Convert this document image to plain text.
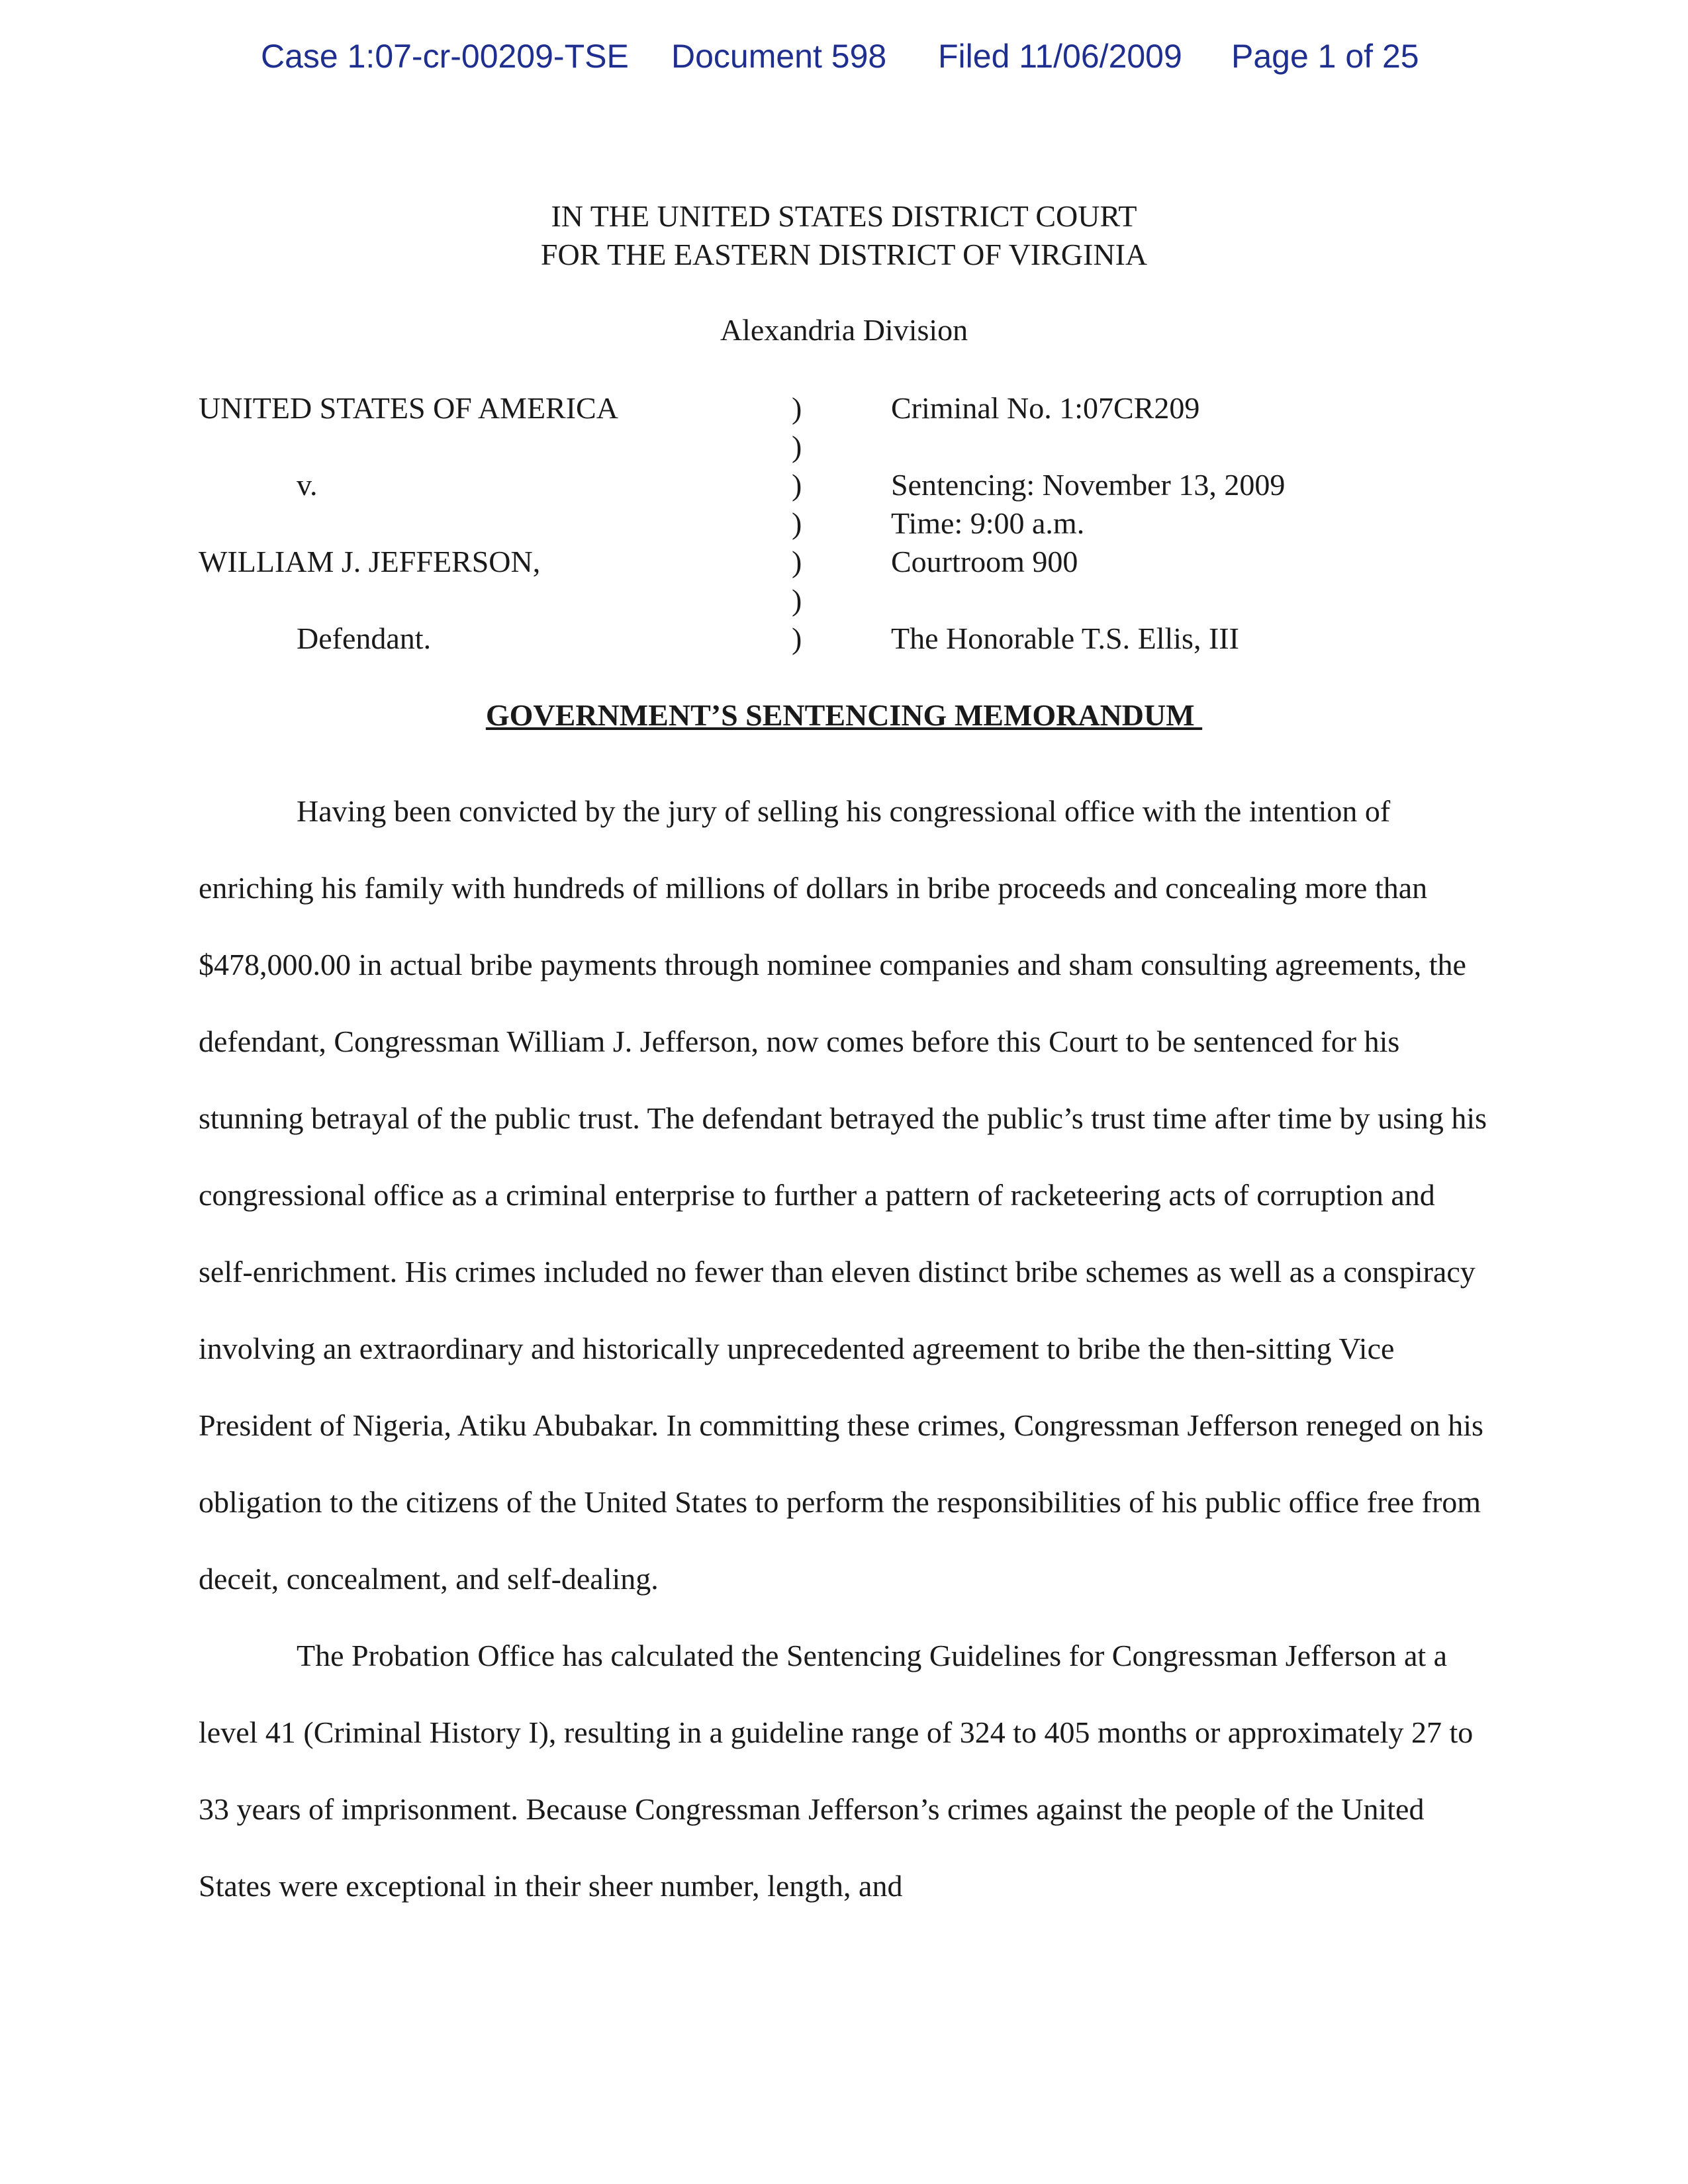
Case 1:07-cr-00209-TSE Document 598 Filed 11/06/2009 Page 1 of 25
IN THE UNITED STATES DISTRICT COURT
FOR THE EASTERN DISTRICT OF VIRGINIA
Alexandria Division
UNITED STATES OF AMERICA	)	Criminal No. 1:07CR209
)
v.	)	Sentencing: November 13, 2009
)	Time: 9:00 a.m.
WILLIAM J. JEFFERSON,	)	Courtroom 900
)
Defendant.	)	The Honorable T.S. Ellis, III
GOVERNMENT’S SENTENCING MEMORANDUM

Having been convicted by the jury of selling his congressional office with the intention of enriching his family with hundreds of millions of dollars in bribe proceeds and concealing more than $478,000.00 in actual bribe payments through nominee companies and sham consulting agreements, the defendant, Congressman William J. Jefferson, now comes before this Court to be sentenced for his stunning betrayal of the public trust. The defendant betrayed the public’s trust time after time by using his congressional office as a criminal enterprise to further a pattern of racketeering acts of corruption and self-enrichment. His crimes included no fewer than eleven distinct bribe schemes as well as a conspiracy involving an extraordinary and historically unprecedented agreement to bribe the then-sitting Vice President of Nigeria, Atiku Abubakar. In committing these crimes, Congressman Jefferson reneged on his obligation to the citizens of the United States to perform the responsibilities of his public office free from deceit, concealment, and self-dealing.

The Probation Office has calculated the Sentencing Guidelines for Congressman Jefferson at a level 41 (Criminal History I), resulting in a guideline range of 324 to 405 months or approximately 27 to 33 years of imprisonment. Because Congressman Jefferson’s crimes against the people of the United States were exceptional in their sheer number, length, and
